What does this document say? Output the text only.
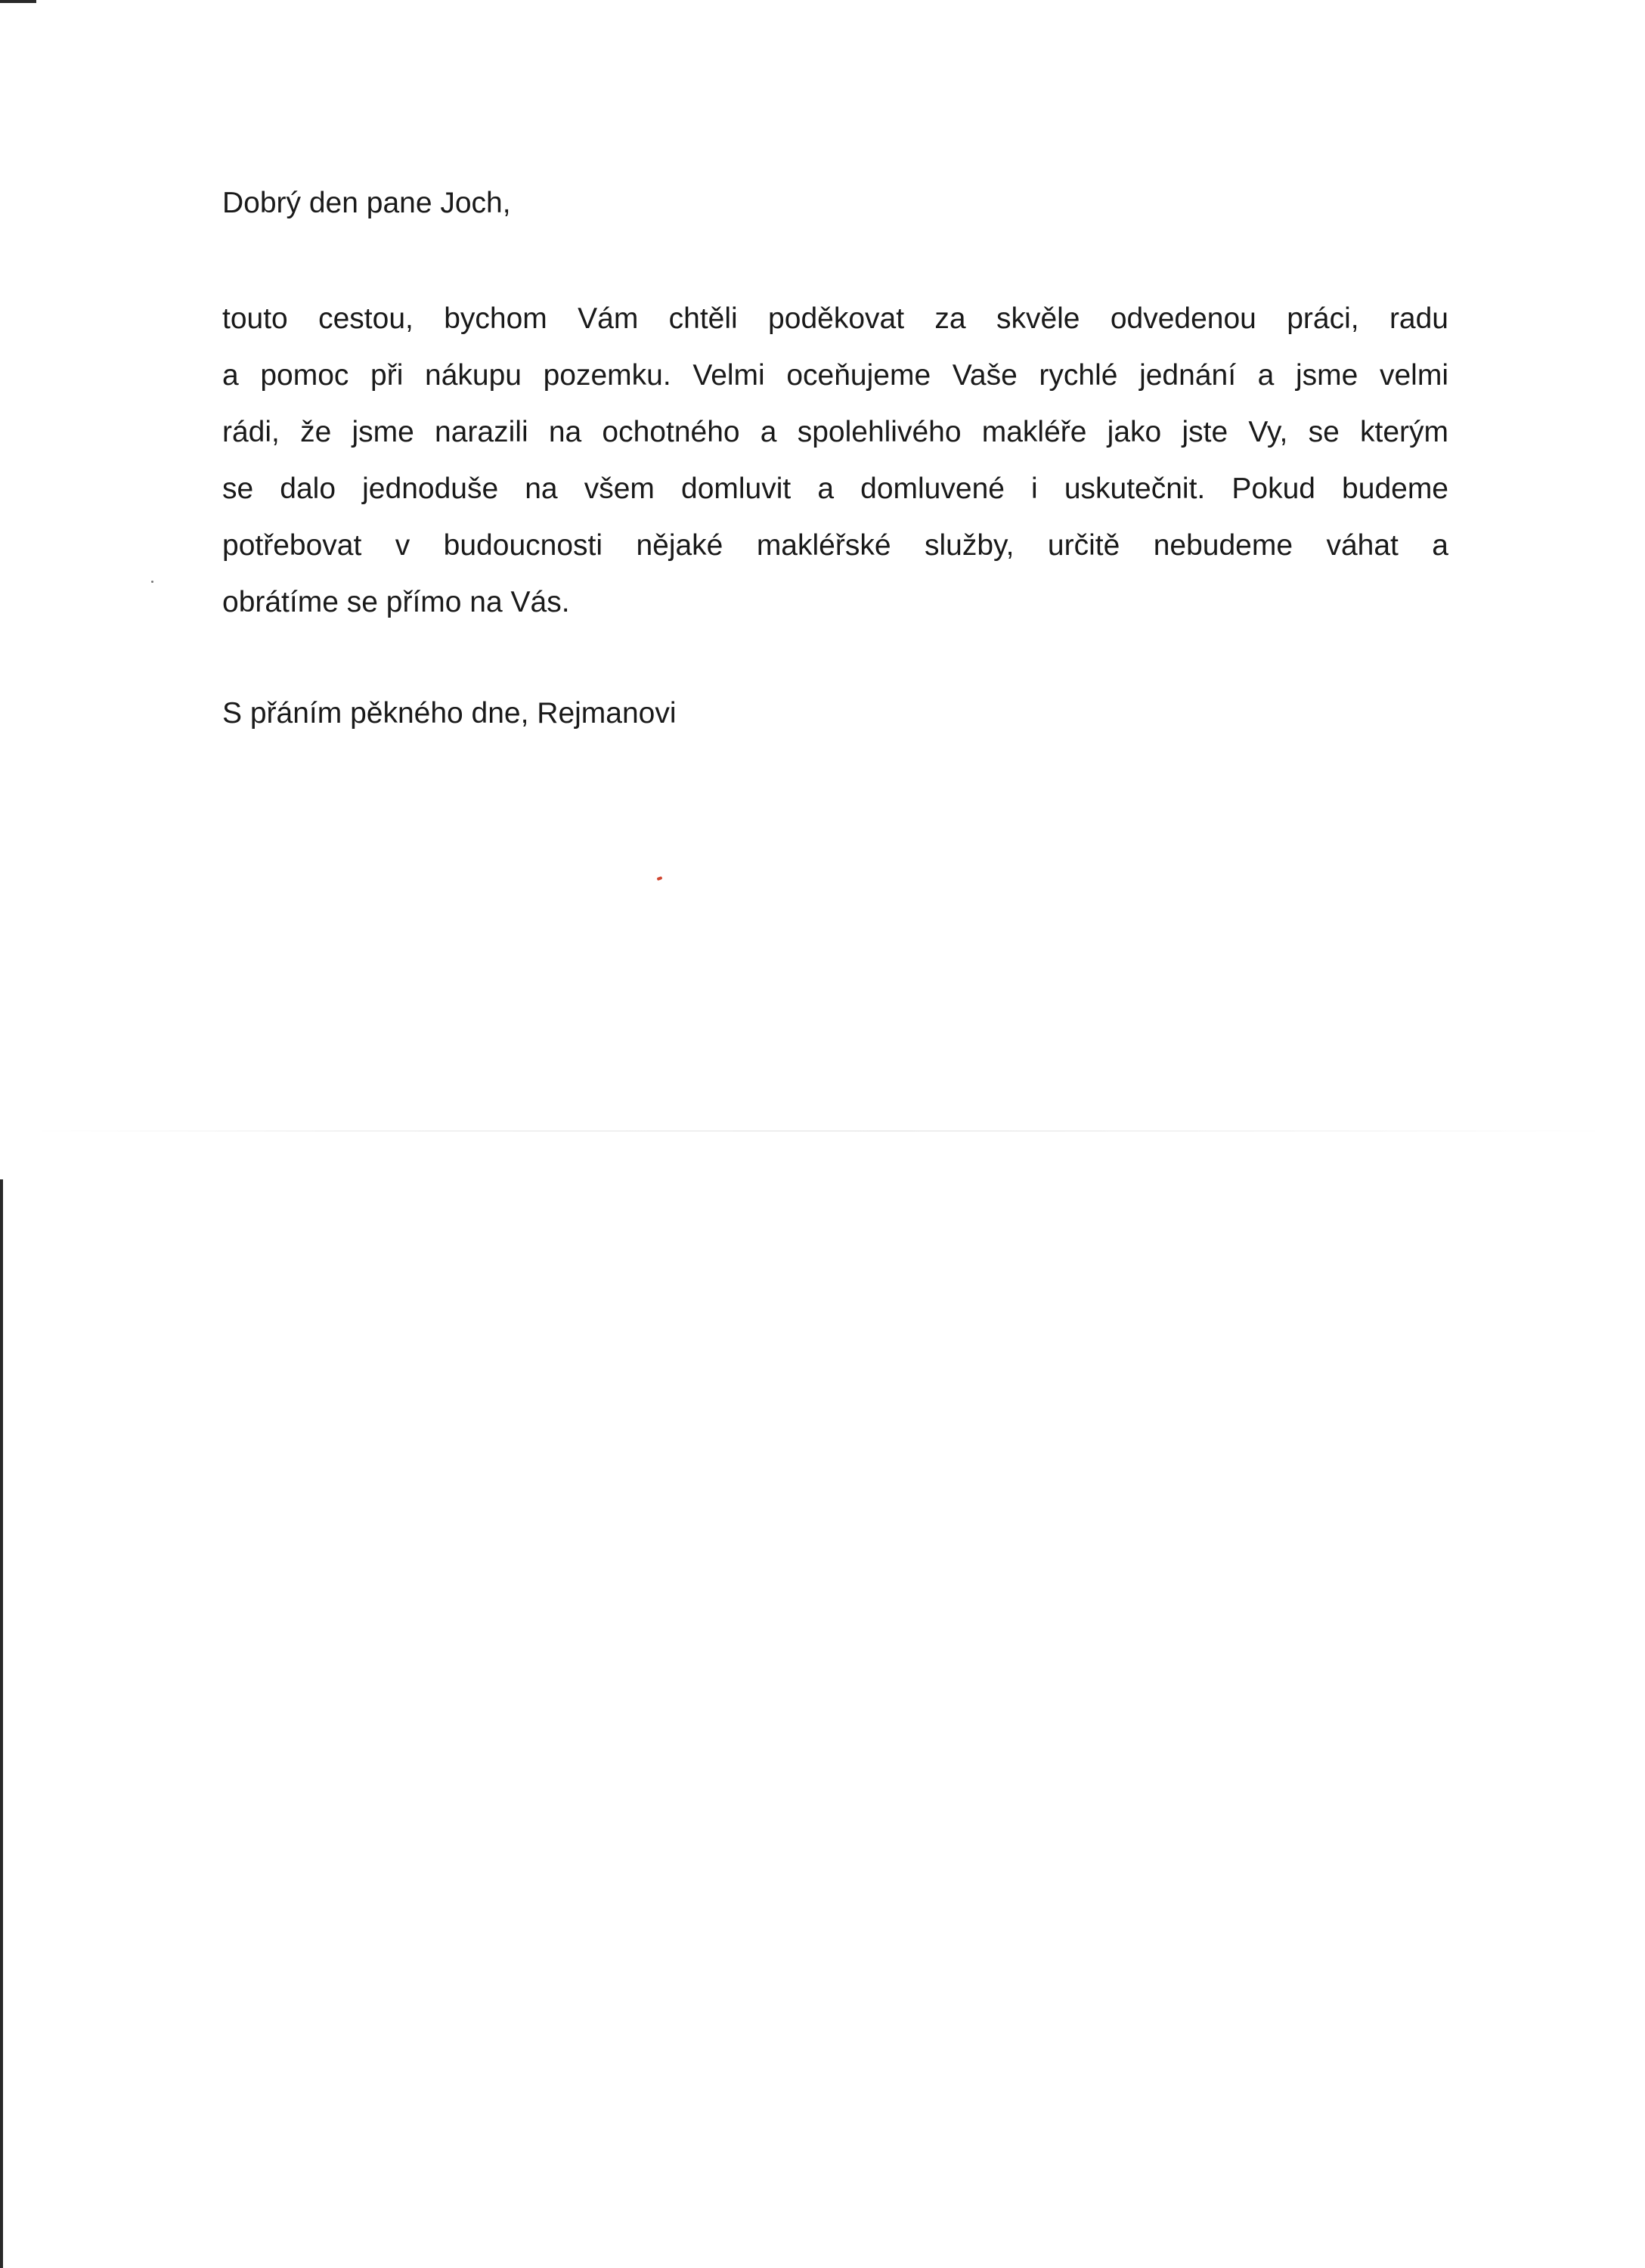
Dobrý den pane Joch,

touto cestou, bychom Vám chtěli poděkovat za skvěle odvedenou práci, radu
a pomoc při nákupu pozemku. Velmi oceňujeme Vaše rychlé jednání a jsme velmi
rádi, že jsme narazili na ochotného a spolehlivého makléře jako jste Vy, se kterým
se dalo jednoduše na všem domluvit a domluvené i uskutečnit. Pokud budeme
potřebovat v budoucnosti nějaké makléřské služby, určitě nebudeme váhat a
obrátíme se přímo na Vás.

S přáním pěkného dne, Rejmanovi
